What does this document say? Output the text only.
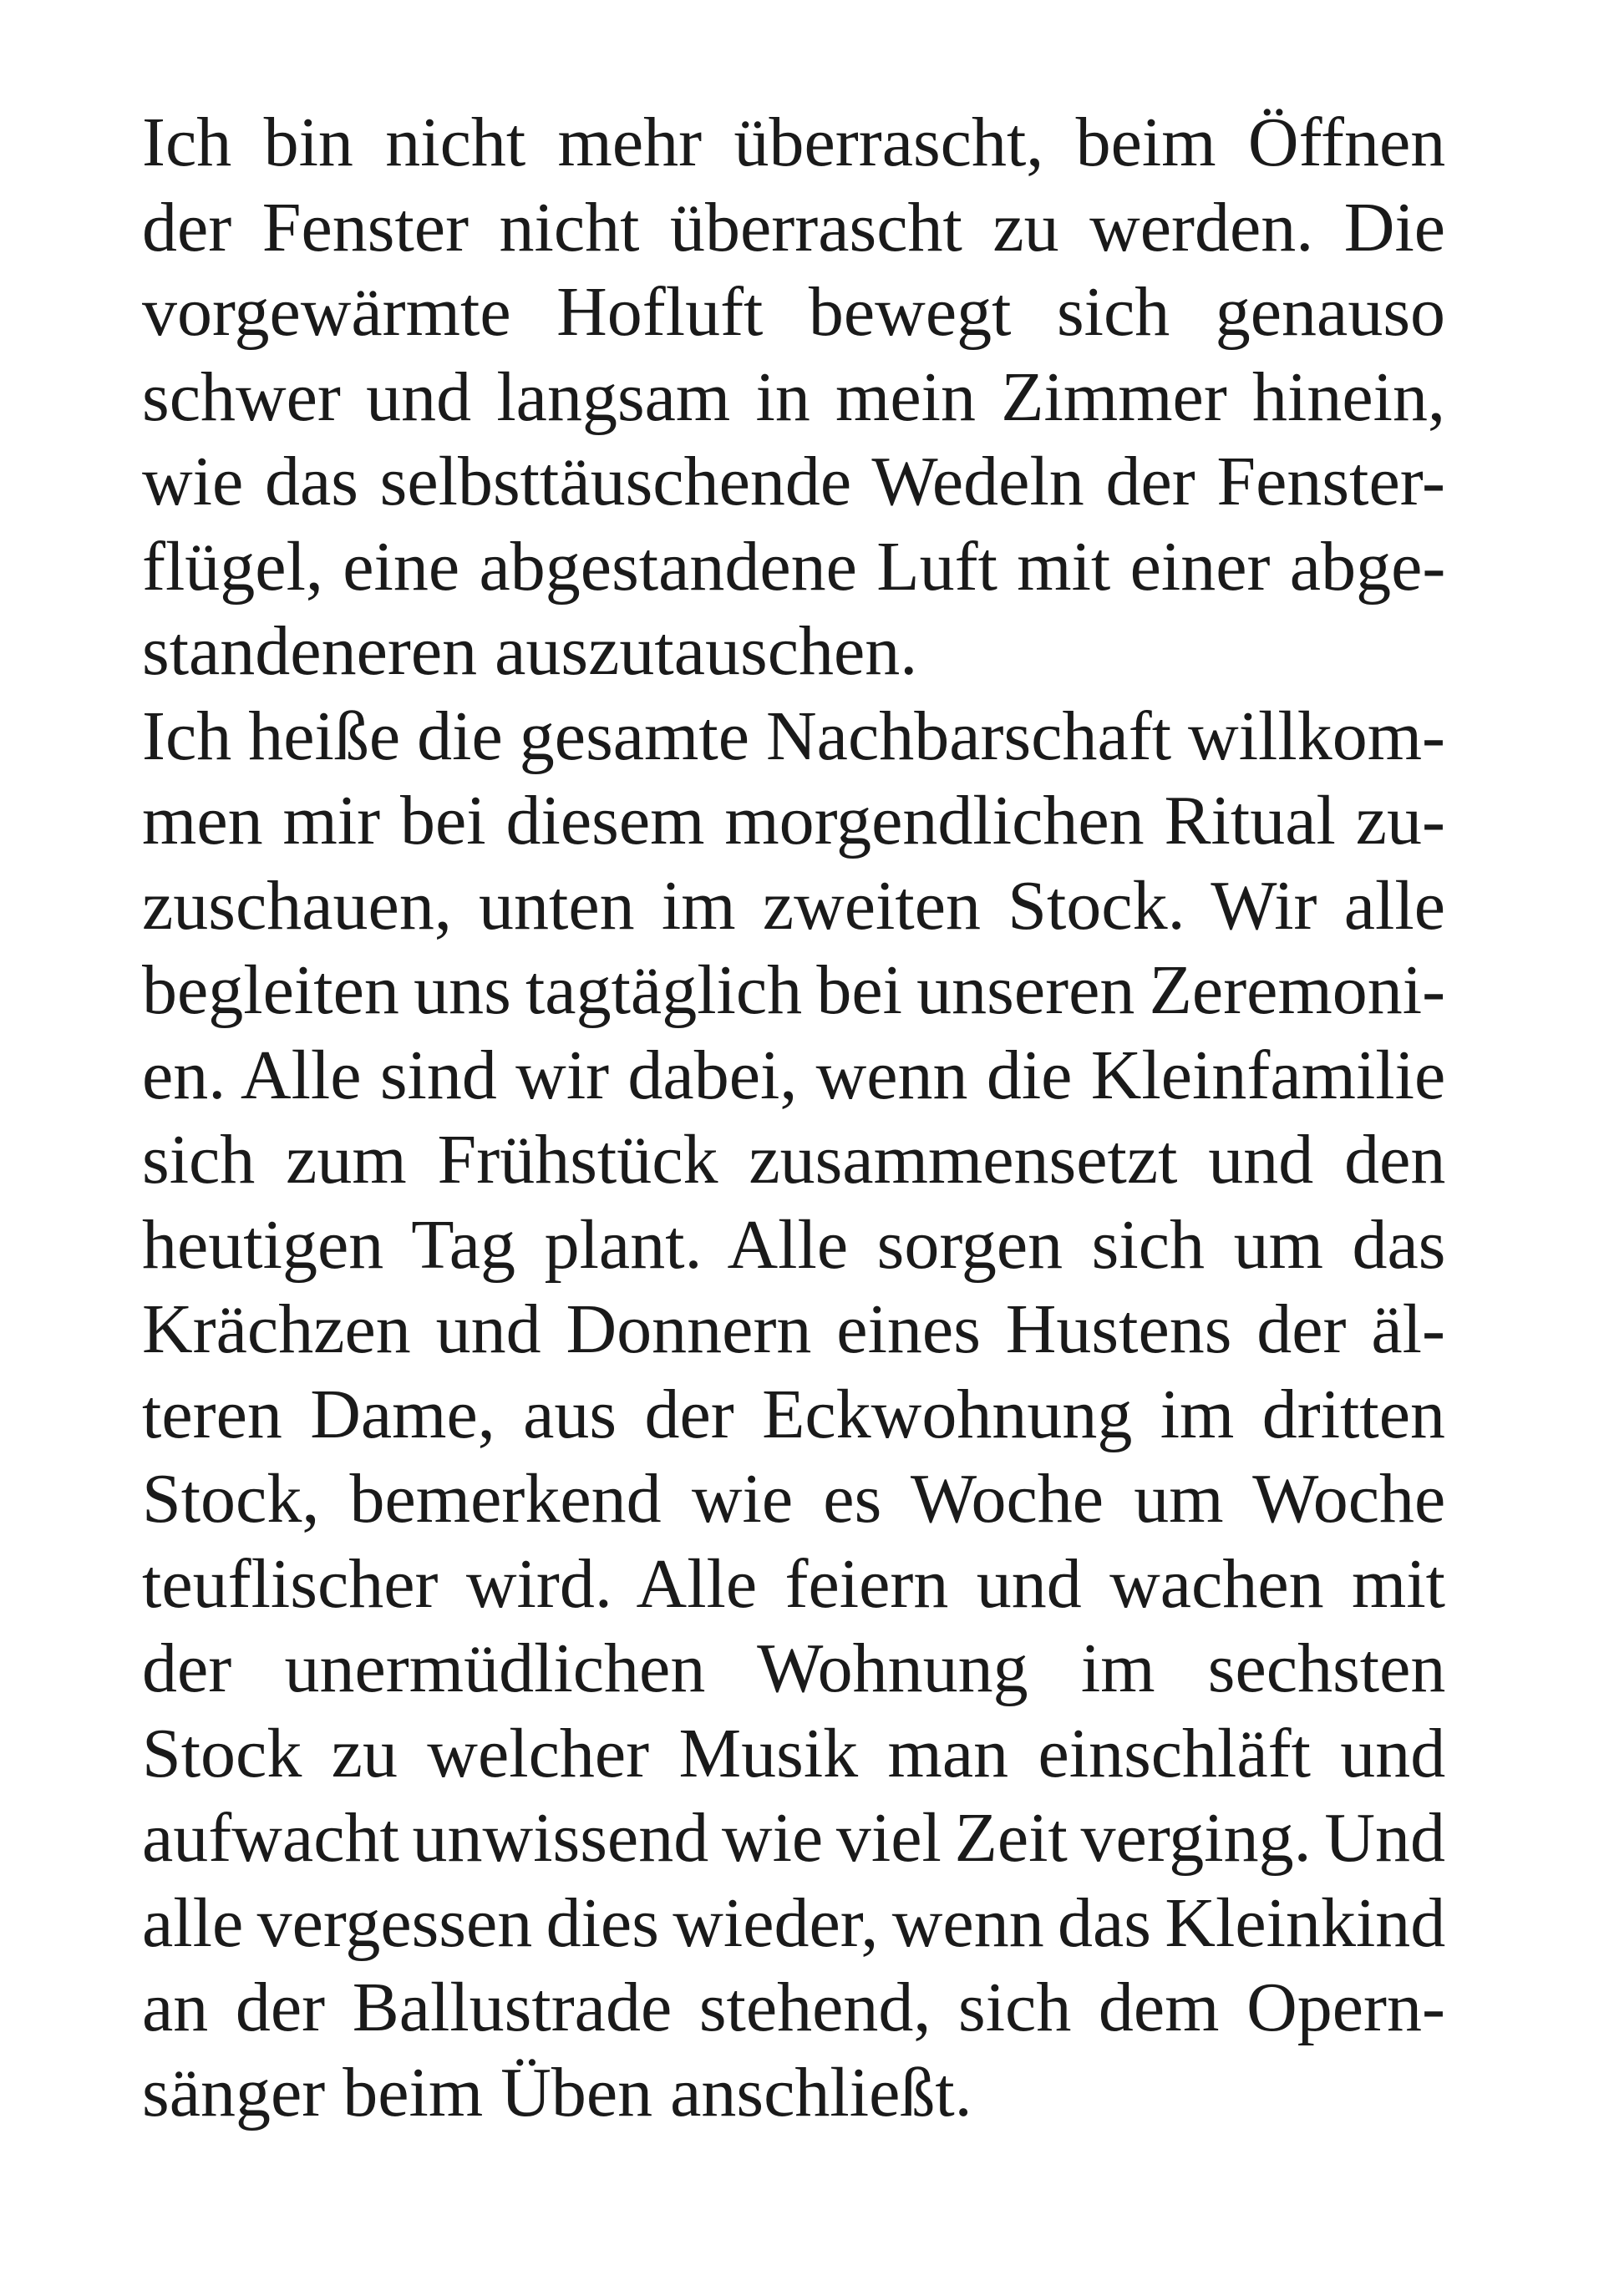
Ich bin nicht mehr überrascht, beim Öffnen
der Fenster nicht überrascht zu werden. Die
vorgewärmte Hofluft bewegt sich genauso
schwer und langsam in mein Zimmer hinein,
wie das selbsttäuschende Wedeln der Fenster-
flügel, eine abgestandene Luft mit einer abge-
standeneren auszutauschen.
Ich heiße die gesamte Nachbarschaft willkom-
men mir bei diesem morgendlichen Ritual zu-
zuschauen, unten im zweiten Stock. Wir alle
begleiten uns tagtäglich bei unseren Zeremoni-
en. Alle sind wir dabei, wenn die Kleinfamilie
sich zum Frühstück zusammensetzt und den
heutigen Tag plant. Alle sorgen sich um das
Krächzen und Donnern eines Hustens der äl-
teren Dame, aus der Eckwohnung im dritten
Stock, bemerkend wie es Woche um Woche
teuflischer wird. Alle feiern und wachen mit
der unermüdlichen Wohnung im sechsten
Stock zu welcher Musik man einschläft und
aufwacht unwissend wie viel Zeit verging. Und
alle vergessen dies wieder, wenn das Kleinkind
an der Ballustrade stehend, sich dem Opern-
sänger beim Üben anschließt.
